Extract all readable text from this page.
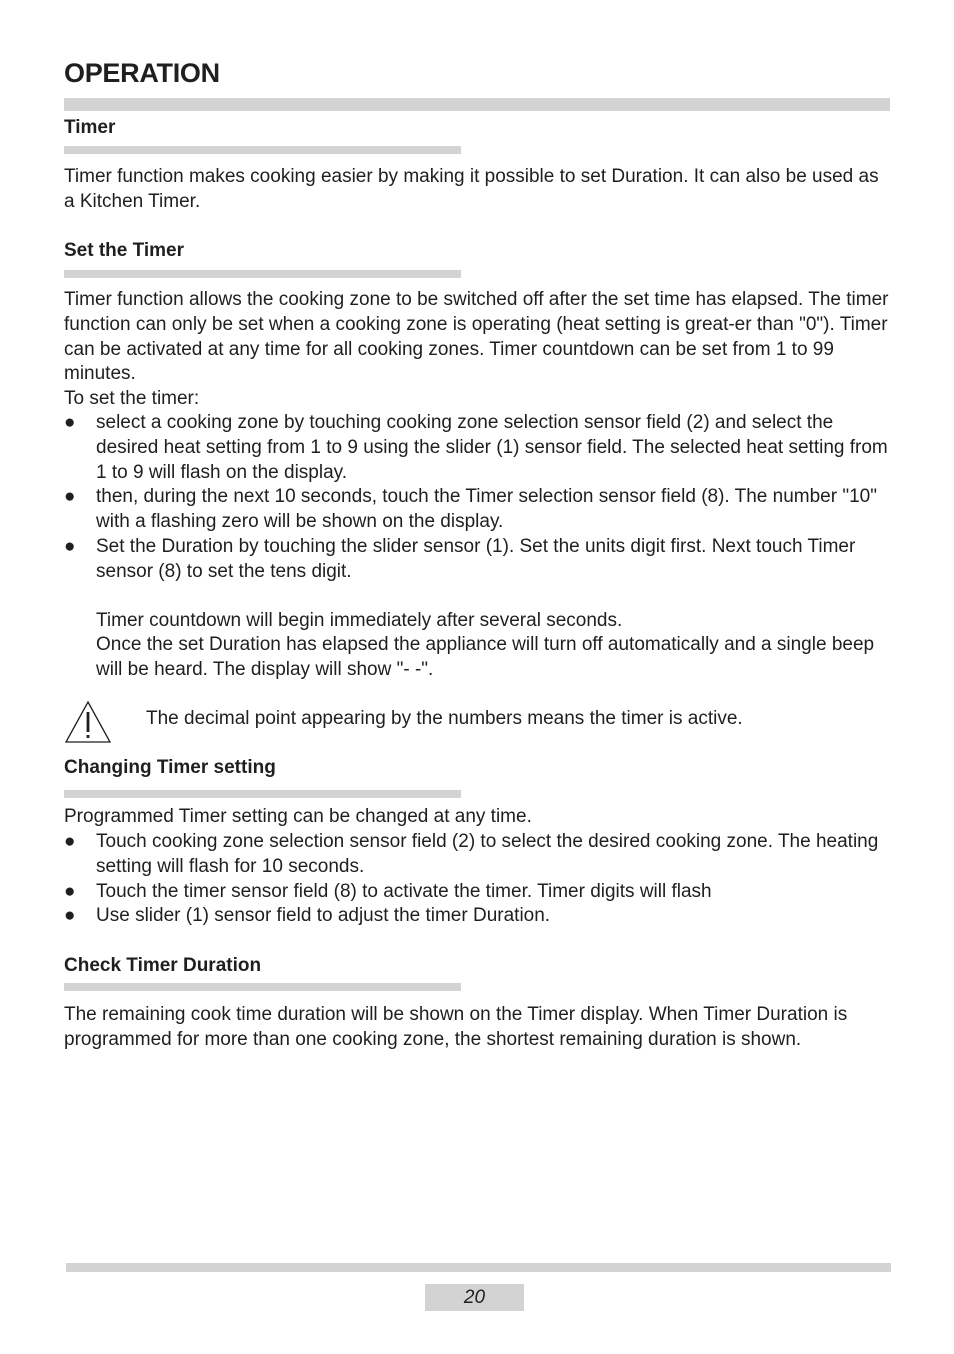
OPERATION
Timer

Timer function makes cooking easier by making it possible to set Duration. It can also be used as a Kitchen Timer.

Set the Timer

Timer function allows the cooking zone to be switched off after the set time has elapsed. The timer function can only be set when a cooking zone is operating (heat setting is great-er than "0"). Timer can be activated at any time for all cooking zones. Timer countdown can be set from 1 to 99 minutes.

To set the timer:

● select a cooking zone by touching cooking zone selection sensor field (2) and select the desired heat setting from 1 to 9 using the slider (1) sensor field. The selected heat setting from 1 to 9 will flash on the display.
● then, during the next 10 seconds, touch the Timer selection sensor field (8). The number "10" with a flashing zero will be shown on the display.
● Set the Duration by touching the slider sensor (1). Set the units digit first. Next touch Timer sensor (8) to set the tens digit.

Timer countdown will begin immediately after several seconds.

Once the set Duration has elapsed the appliance will turn off automatically and a single beep will be heard. The display will show "- -".

The decimal point appearing by the numbers means the timer is active.

Changing Timer setting

Programmed Timer setting can be changed at any time.

● Touch cooking zone selection sensor field (2) to select the desired cooking zone. The heating setting will flash for 10 seconds.
● Touch the timer sensor field (8) to activate the timer. Timer digits will flash
● Use slider (1) sensor field to adjust the timer Duration.
Check Timer Duration

The remaining cook time duration will be shown on the Timer display. When Timer Duration is programmed for more than one cooking zone, the shortest remaining duration is shown.

20
